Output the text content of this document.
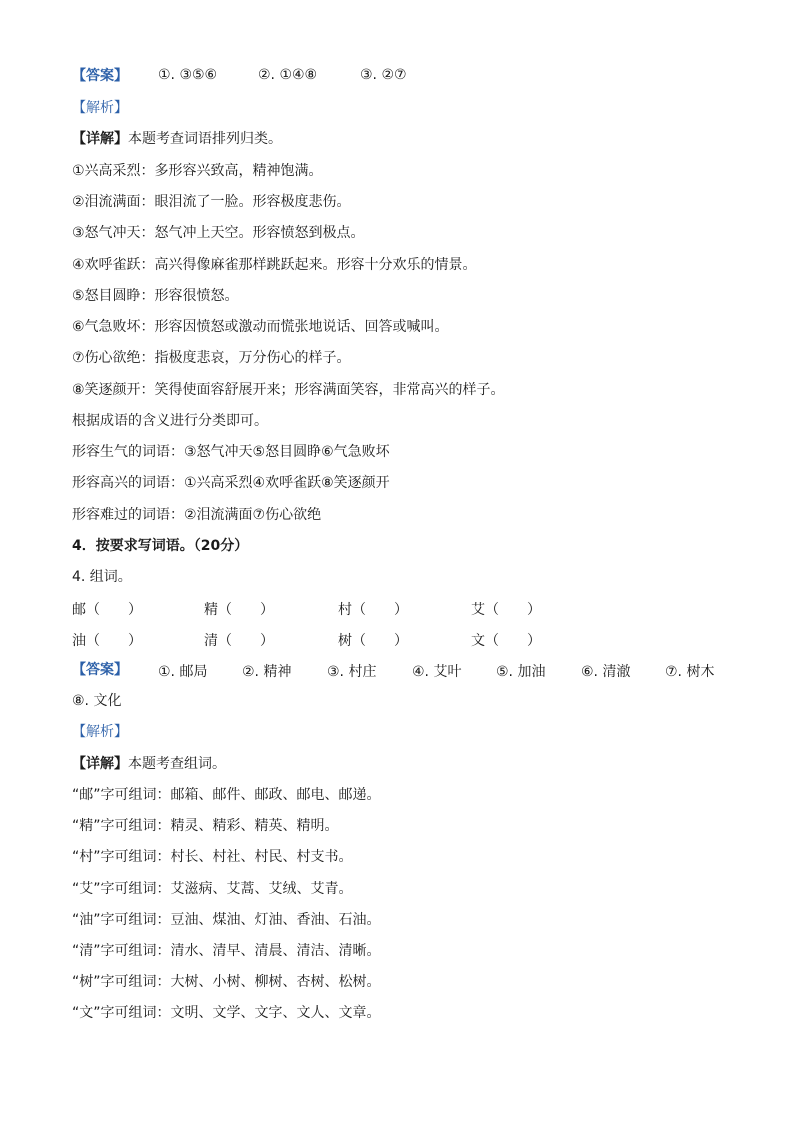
【答案】 ①. ③⑤⑥	②. ①④⑧	③. ②⑦
【解析】
【详解】本题考查词语排列归类。
①兴高采烈：多形容兴致高，精神饱满。
②泪流满面：眼泪流了一脸。形容极度悲伤。
③怒气冲天：怒气冲上天空。形容愤怒到极点。
④欢呼雀跃：高兴得像麻雀那样跳跃起来。形容十分欢乐的情景。
⑤怒目圆睁：形容很愤怒。
⑥气急败坏：形容因愤怒或激动而慌张地说话、回答或喊叫。
⑦伤心欲绝：指极度悲哀，万分伤心的样子。
⑧笑逐颜开：笑得使面容舒展开来；形容满面笑容，非常高兴的样子。
根据成语的含义进行分类即可。
形容生气的词语：③怒气冲天⑤怒目圆睁⑥气急败坏
形容高兴的词语：①兴高采烈④欢呼雀跃⑧笑逐颜开
形容难过的词语：②泪流满面⑦伤心欲绝
4．按要求写词语。（20分）
4. 组词。
邮（　　）	精（　　）	村（　　）	艾（　　）
油（　　）	清（　　）	树（　　）	文（　　）
【答案】 ①. 邮局 ②. 精神	③. 村庄	④. 艾叶 ⑤. 加油	⑥. 清澈 ⑦. 树木
⑧. 文化
【解析】
【详解】本题考查组词。
“邮”字可组词：邮箱、邮件、邮政、邮电、邮递。
“精”字可组词：精灵、精彩、精英、精明。
“村”字可组词：村长、村社、村民、村支书。
“艾”字可组词：艾滋病、艾蒿、艾绒、艾青。
“油”字可组词：豆油、煤油、灯油、香油、石油。
“清”字可组词：清水、清早、清晨、清洁、清晰。
“树”字可组词：大树、小树、柳树、杏树、松树。
“文”字可组词：文明、文学、文字、文人、文章。
